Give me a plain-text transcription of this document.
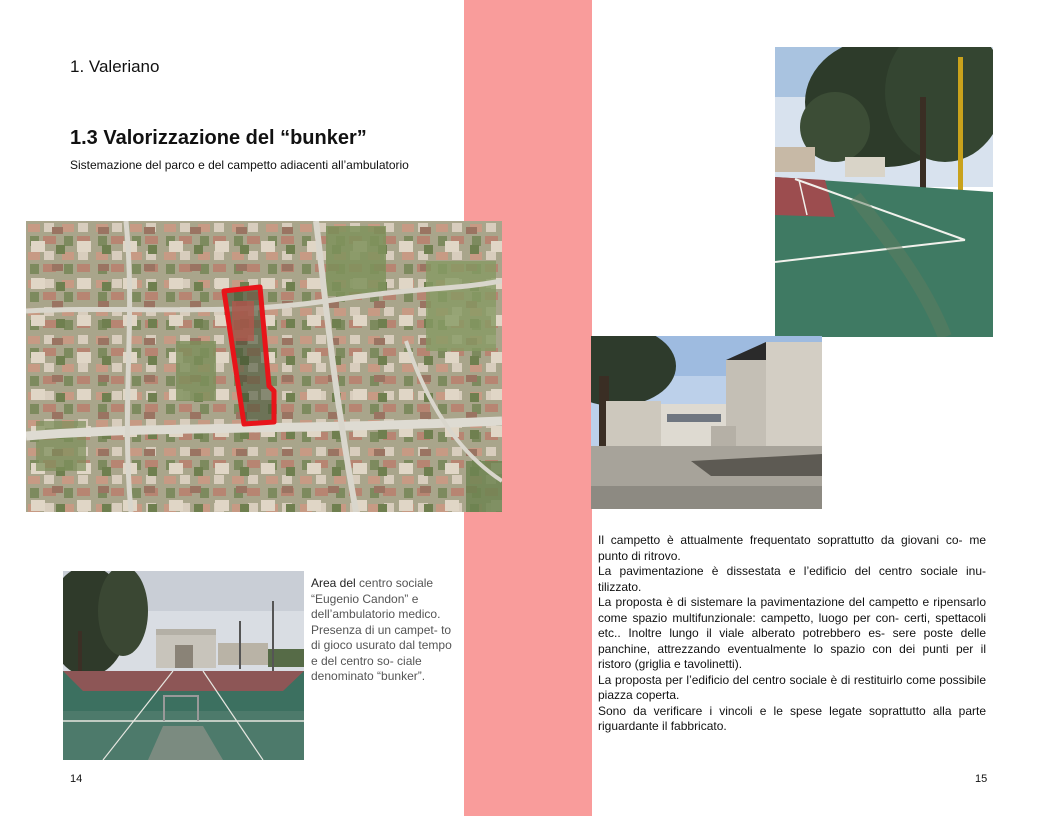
1. Valeriano
1.3 Valorizzazione del “bunker”
Sistemazione del parco e del campetto adiacenti all’ambulatorio
Area del centro sociale “Eugenio Candon” e dell’ambulatorio medico. Presenza di un campet- to di gioco usurato dal tempo e del centro so- ciale denominato “bunker”.
14

Il campetto è attualmente frequentato soprattutto da giovani co- me punto di ritrovo.

La pavimentazione è dissestata e l’edificio del centro sociale inu- tilizzato.

La proposta è di sistemare la pavimentazione del campetto e ripensarlo come spazio multifunzionale: campetto, luogo per con- certi, spettacoli etc.. Inoltre lungo il viale alberato potrebbero es- sere poste delle panchine, attrezzando eventualmente lo spazio con dei punti per il ristoro (griglia e tavolinetti).

La proposta per l’edificio del centro sociale è di restituirlo come possibile piazza coperta.

Sono da verificare i vincoli e le spese legate soprattutto alla parte riguardante il fabbricato.

15
